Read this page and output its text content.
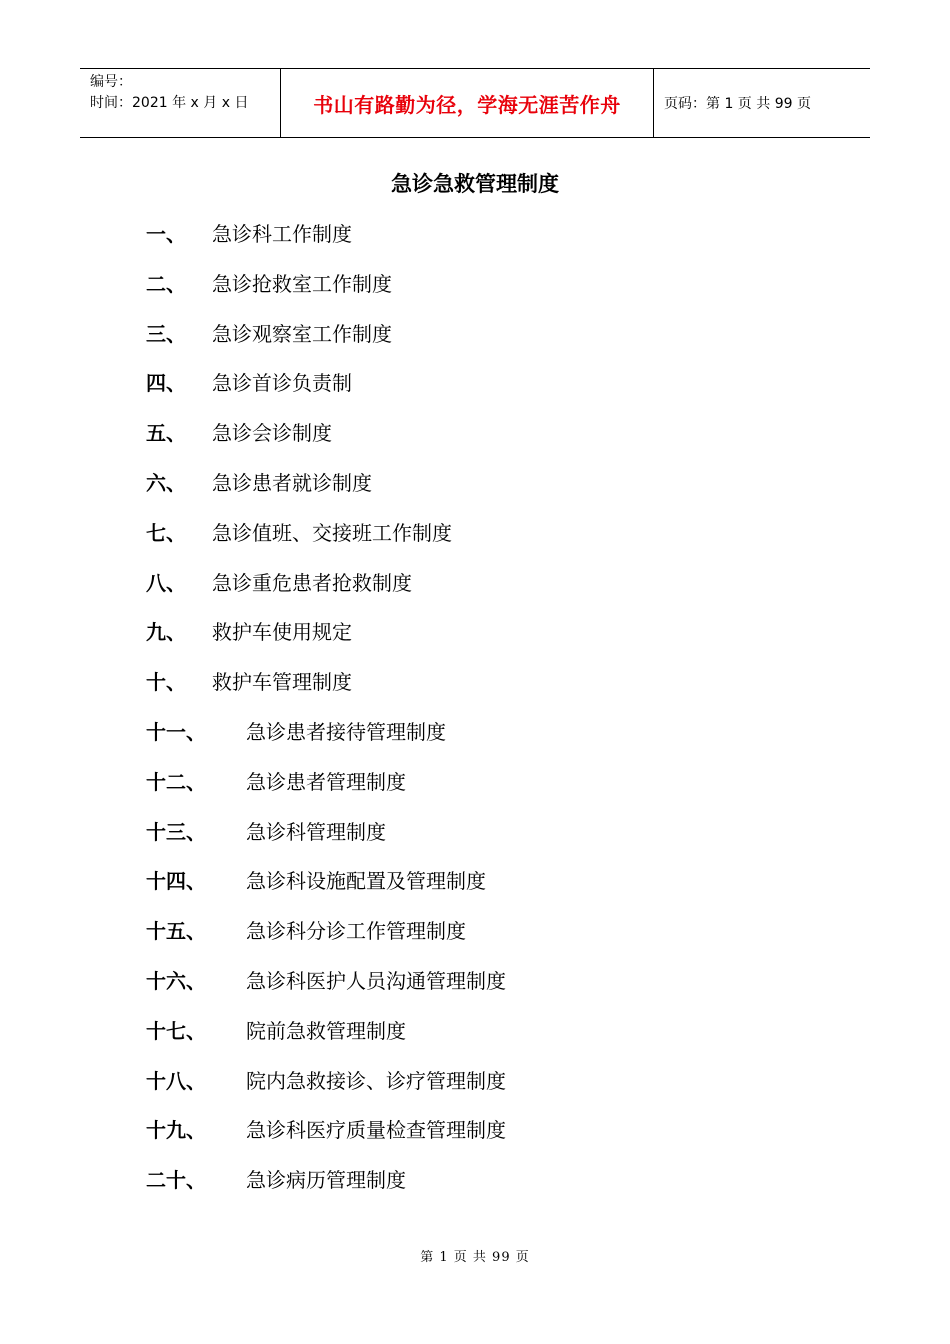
编号：
时间：2021 年 x 月 x 日	书山有路勤为径，学海无涯苦作舟	页码：第 1 页 共 99 页
急诊急救管理制度
一、 急诊科工作制度
二、 急诊抢救室工作制度
三、 急诊观察室工作制度
四、 急诊首诊负责制
五、 急诊会诊制度
六、 急诊患者就诊制度
七、 急诊值班、交接班工作制度
八、 急诊重危患者抢救制度
九、 救护车使用规定
十、 救护车管理制度
十一、 急诊患者接待管理制度
十二、 急诊患者管理制度
十三、 急诊科管理制度
十四、 急诊科设施配置及管理制度
十五、 急诊科分诊工作管理制度
十六、 急诊科医护人员沟通管理制度
十七、 院前急救管理制度
十八、 院内急救接诊、诊疗管理制度
十九、 急诊科医疗质量检查管理制度
二十、 急诊病历管理制度
第 1 页 共 99 页
